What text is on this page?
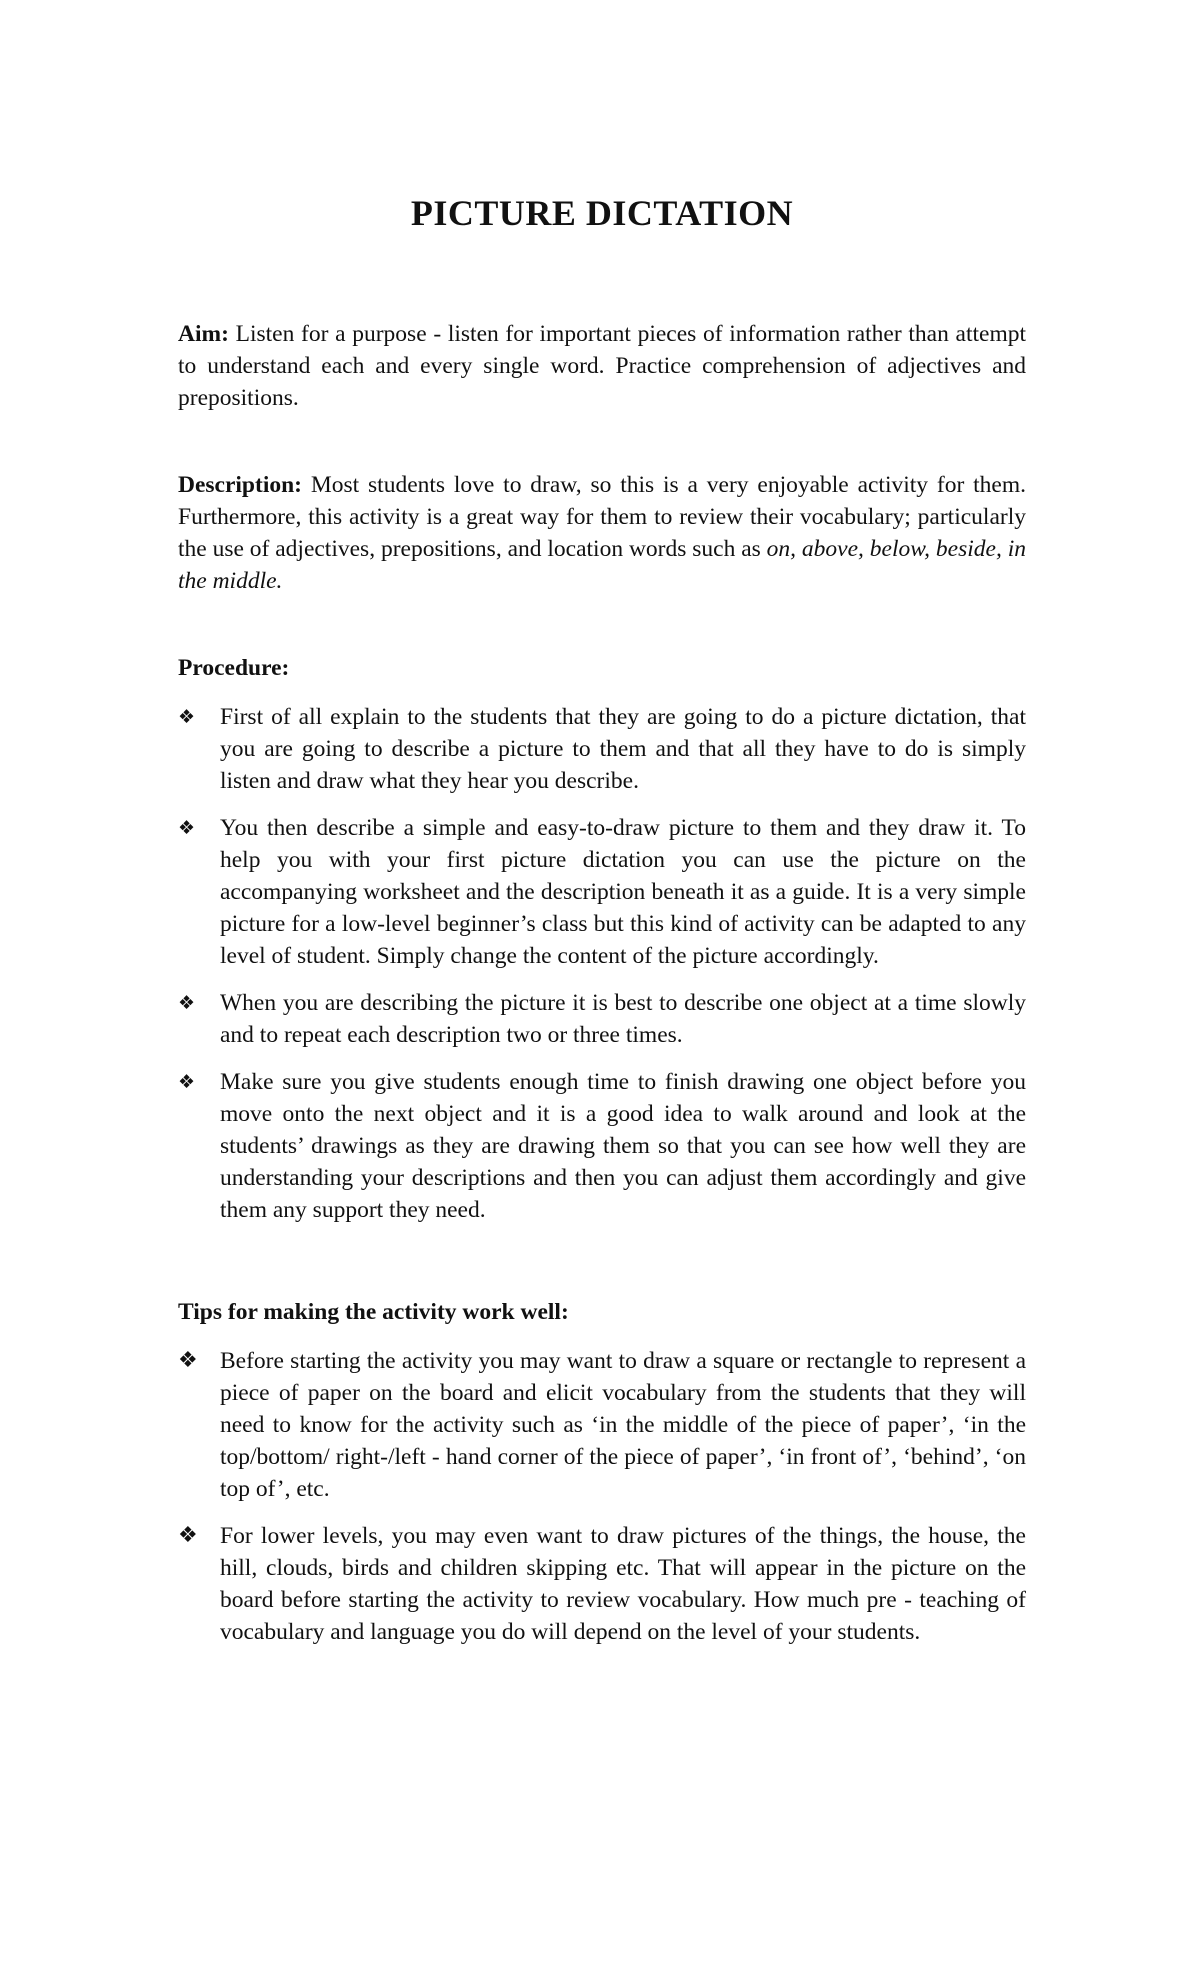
PICTURE DICTATION

Aim: Listen for a purpose - listen for important pieces of information rather than attempt to understand each and every single word. Practice comprehension of adjectives and prepositions.

Description: Most students love to draw, so this is a very enjoyable activity for them. Furthermore, this activity is a great way for them to review their vocabulary; particularly the use of adjectives, prepositions, and location words such as on, above, below, beside, in the middle.

Procedure:
❖ First of all explain to the students that they are going to do a picture dictation, that you are going to describe a picture to them and that all they have to do is simply listen and draw what they hear you describe.
❖ You then describe a simple and easy-to-draw picture to them and they draw it. To help you with your first picture dictation you can use the picture on the accompanying worksheet and the description beneath it as a guide. It is a very simple picture for a low-level beginner’s class but this kind of activity can be adapted to any level of student. Simply change the content of the picture accordingly.
❖ When you are describing the picture it is best to describe one object at a time slowly and to repeat each description two or three times.
❖ Make sure you give students enough time to finish drawing one object before you move onto the next object and it is a good idea to walk around and look at the students’ drawings as they are drawing them so that you can see how well they are understanding your descriptions and then you can adjust them accordingly and give them any support they need.
Tips for making the activity work well:
❖ Before starting the activity you may want to draw a square or rectangle to represent a piece of paper on the board and elicit vocabulary from the students that they will need to know for the activity such as ‘in the middle of the piece of paper’, ‘in the top/bottom/ right-/left - hand corner of the piece of paper’, ‘in front of’, ‘behind’, ‘on top of’, etc.
❖ For lower levels, you may even want to draw pictures of the things, the house, the hill, clouds, birds and children skipping etc. That will appear in the picture on the board before starting the activity to review vocabulary. How much pre - teaching of vocabulary and language you do will depend on the level of your students.
